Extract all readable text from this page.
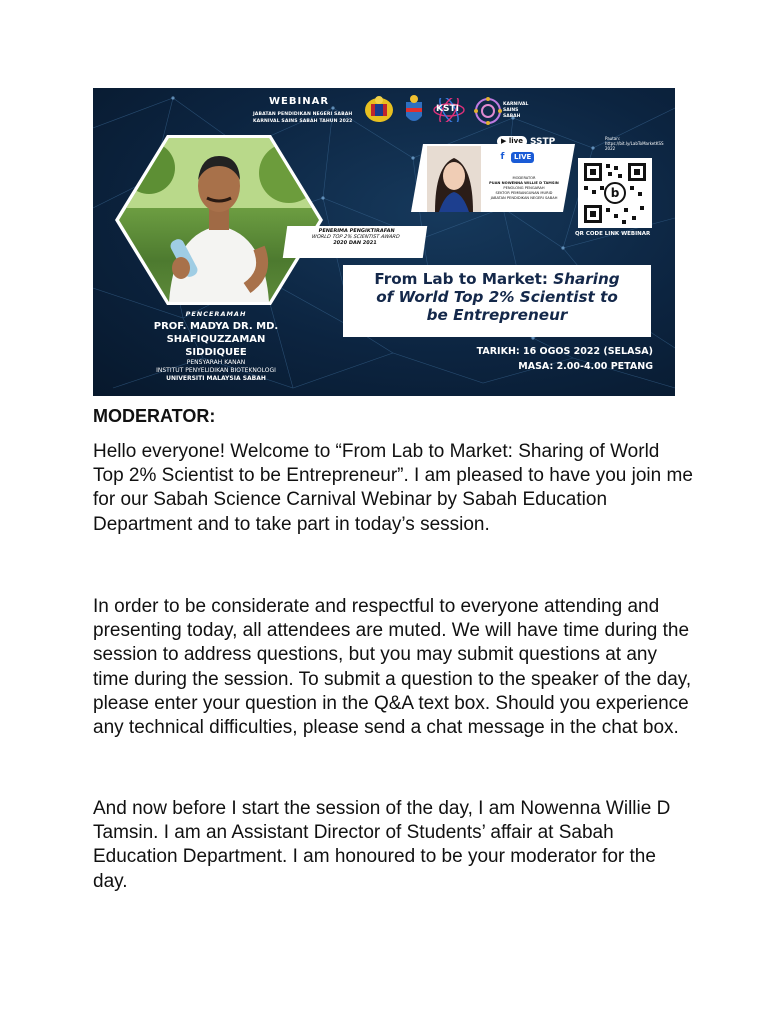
WEBINAR
JABATAN PENDIDIKAN NEGERI SABAH
KARNIVAL SAINS SABAH TAHUN 2022
KSTI	KARNIVAL SAINS SABAH
PENERIMA PENGIKTIRAFAN
WORLD TOP 2% SCIENTIST AWARD
2020 DAN 2021
PENCERAMAH
PROF. MADYA DR. MD.
SHAFIQUZZAMAN SIDDIQUEE
PENSYARAH KANAN
INSTITUT PENYELIDIKAN BIOTEKNOLOGI
UNIVERSITI MALAYSIA SABAH
MODERATOR
PUAN NOWENNA WILLIE D TAMSIN
PENOLONG PENGARAH
SEKTOR PEMBANGUNAN MURID
JABATAN PENDIDIKAN NEGERI SABAH
▶ live SSTP
f	LIVE KSTI
Pautan:
https://bit.ly/LabToMarketKSS 2022
b
QR CODE LINK WEBINAR
From Lab to Market: Sharing
of World Top 2% Scientist to
be Entrepreneur
TARIKH: 16 OGOS 2022 (SELASA)
MASA: 2.00-4.00 PETANG
MODERATOR:

Hello everyone! Welcome to “From Lab to Market: Sharing of World Top 2% Scientist to be Entrepreneur”. I am pleased to have you join me for our Sabah Science Carnival Webinar by Sabah Education Department and to take part in today’s session.

In order to be considerate and respectful to everyone attending and presenting today, all attendees are muted. We will have time during the session to address questions, but you may submit questions at any time during the session. To submit a question to the speaker of the day, please enter your question in the Q&A text box. Should you experience any technical difficulties, please send a chat message in the chat box.

And now before I start the session of the day, I am Nowenna Willie D Tamsin. I am an Assistant Director of Students’ affair at Sabah Education Department. I am honoured to be your moderator for the day.
